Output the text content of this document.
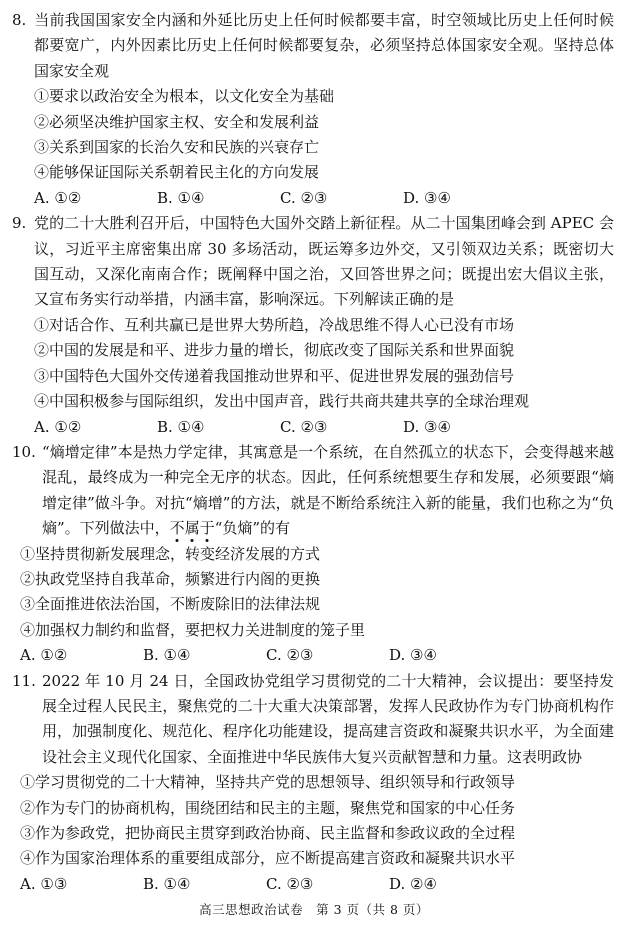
8. 当前我国国家安全内涵和外延比历史上任何时候都要丰富，时空领域比历史上任何时候都要宽广，内外因素比历史上任何时候都要复杂，必须坚持总体国家安全观。坚持总体国家安全观

①要求以政治安全为根本，以文化安全为基础

②必须坚决维护国家主权、安全和发展利益

③关系到国家的长治久安和民族的兴衰存亡

④能够保证国际关系朝着民主化的方向发展

A. ①②	B. ①④	C. ②③	D. ③④

9. 党的二十大胜利召开后，中国特色大国外交踏上新征程。从二十国集团峰会到 APEC 会议，习近平主席密集出席 30 多场活动，既运筹多边外交，又引领双边关系；既密切大国互动，又深化南南合作；既阐释中国之治，又回答世界之问；既提出宏大倡议主张，又宣布务实行动举措，内涵丰富，影响深远。下列解读正确的是

①对话合作、互利共赢已是世界大势所趋，冷战思维不得人心已没有市场

②中国的发展是和平、进步力量的增长，彻底改变了国际关系和世界面貌

③中国特色大国外交传递着我国推动世界和平、促进世界发展的强劲信号

④中国积极参与国际组织，发出中国声音，践行共商共建共享的全球治理观

A. ①②	B. ①④	C. ②③	D. ③④

10. “熵增定律”本是热力学定律，其寓意是一个系统，在自然孤立的状态下，会变得越来越混乱，最终成为一种完全无序的状态。因此，任何系统想要生存和发展，必须要跟“熵增定律”做斗争。对抗“熵增”的方法，就是不断给系统注入新的能量，我们也称之为“负熵”。下列做法中，不
属
于
“负熵”的有

①坚持贯彻新发展理念，转变经济发展的方式

②执政党坚持自我革命，频繁进行内阁的更换

③全面推进依法治国，不断废除旧的法律法规

④加强权力制约和监督，要把权力关进制度的笼子里

A. ①②	B. ①④	C. ②③	D. ③④

11. 2022 年 10 月 24 日，全国政协党组学习贯彻党的二十大精神，会议提出：要坚持发展全过程人民民主，聚焦党的二十大重大决策部署，发挥人民政协作为专门协商机构作用，加强制度化、规范化、程序化功能建设，提高建言资政和凝聚共识水平，为全面建设社会主义现代化国家、全面推进中华民族伟大复兴贡献智慧和力量。这表明政协

①学习贯彻党的二十大精神，坚持共产党的思想领导、组织领导和行政领导

②作为专门的协商机构，围绕团结和民主的主题，聚焦党和国家的中心任务

③作为参政党，把协商民主贯穿到政治协商、民主监督和参政议政的全过程

④作为国家治理体系的重要组成部分，应不断提高建言资政和凝聚共识水平

A. ①③	B. ①④	C. ②③	D. ②④
高三思想政治试卷　第 3 页（共 8 页）
